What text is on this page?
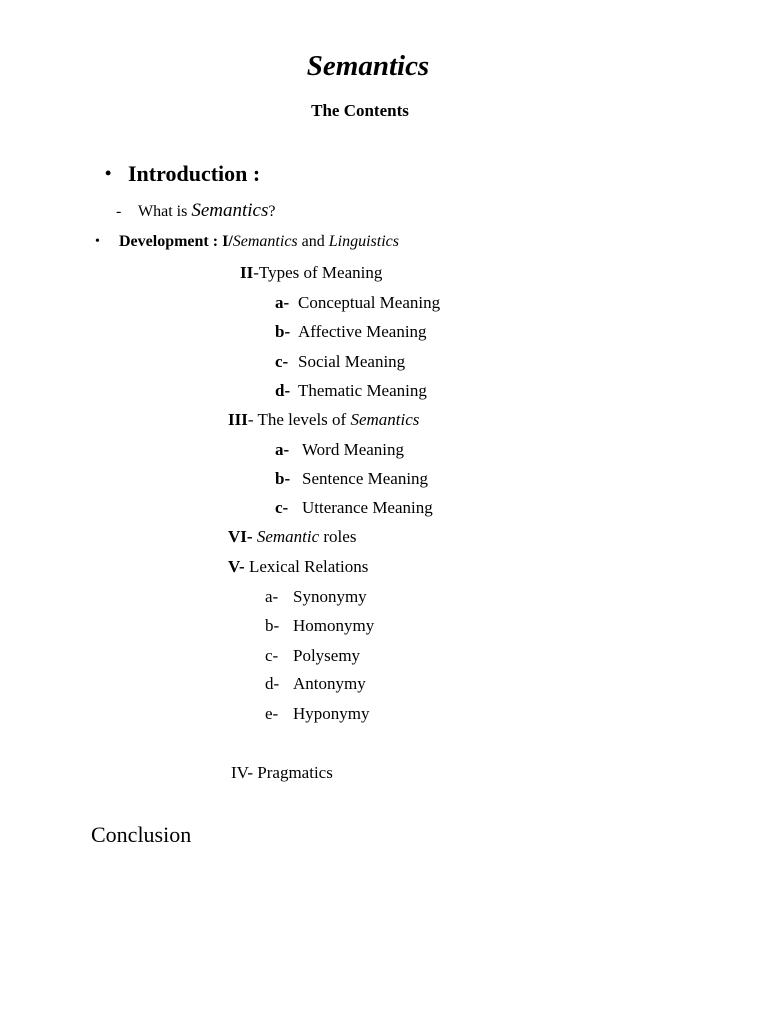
Semantics
The Contents
• Introduction :
- What is Semantics?
• Development : I/Semantics and Linguistics
II-Types of Meaning
a- Conceptual Meaning
b- Affective Meaning
c- Social Meaning
d- Thematic Meaning
III- The levels of Semantics
a- Word Meaning
b- Sentence Meaning
c- Utterance Meaning
VI- Semantic roles
V- Lexical Relations
a- Synonymy
b- Homonymy
c- Polysemy
d- Antonymy
e- Hyponymy
IV- Pragmatics
Conclusion
